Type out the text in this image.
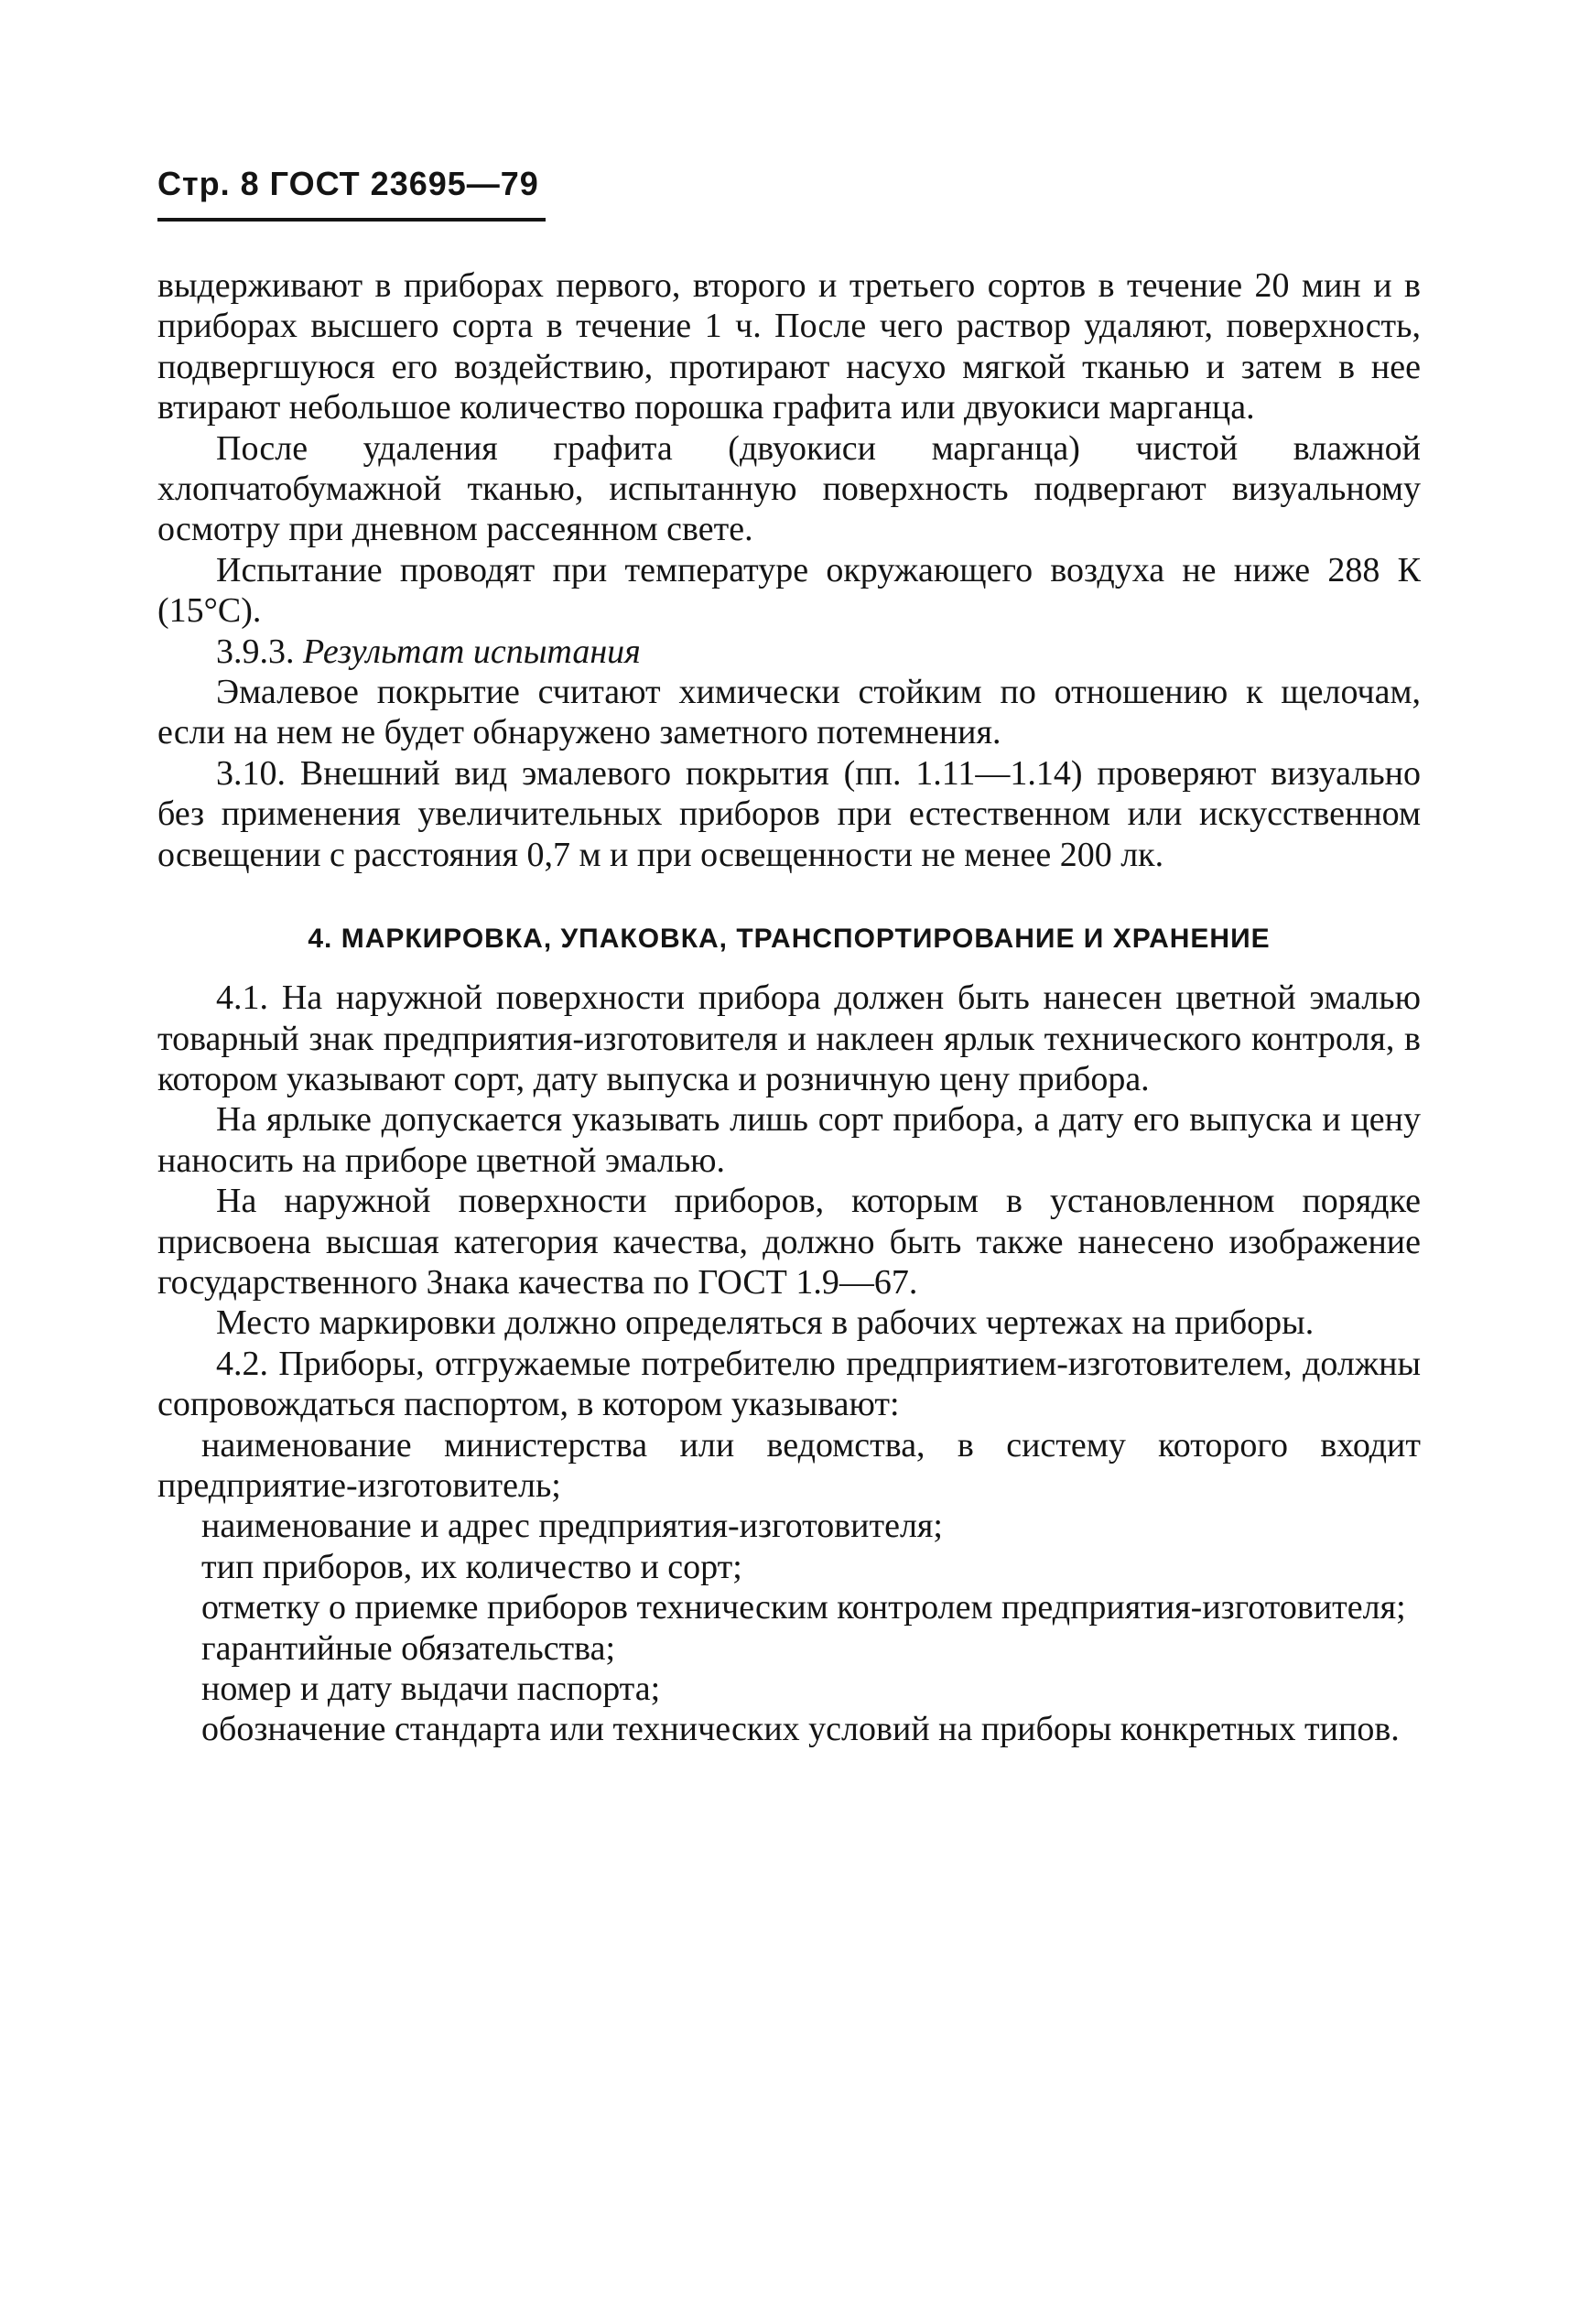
Стр. 8 ГОСТ 23695—79

выдерживают в приборах первого, второго и третьего сортов в течение 20 мин и в приборах высшего сорта в течение 1 ч. После чего раствор удаляют, поверхность, подвергшуюся его воздействию, протирают насухо мягкой тканью и затем в нее втирают небольшое количество порошка графита или двуокиси марганца.

После удаления графита (двуокиси марганца) чистой влажной хлопчатобумажной тканью, испытанную поверхность подвергают визуальному осмотру при дневном рассеянном свете.

Испытание проводят при температуре окружающего воздуха не ниже 288 К (15°С).

3.9.3. Результат испытания

Эмалевое покрытие считают химически стойким по отношению к щелочам, если на нем не будет обнаружено заметного потемнения.

3.10. Внешний вид эмалевого покрытия (пп. 1.11—1.14) проверяют визуально без применения увеличительных приборов при естественном или искусственном освещении с расстояния 0,7 м и при освещенности не менее 200 лк.

4. МАРКИРОВКА, УПАКОВКА, ТРАНСПОРТИРОВАНИЕ И ХРАНЕНИЕ

4.1. На наружной поверхности прибора должен быть нанесен цветной эмалью товарный знак предприятия-изготовителя и наклеен ярлык технического контроля, в котором указывают сорт, дату выпуска и розничную цену прибора.

На ярлыке допускается указывать лишь сорт прибора, а дату его выпуска и цену наносить на приборе цветной эмалью.

На наружной поверхности приборов, которым в установленном порядке присвоена высшая категория качества, должно быть также нанесено изображение государственного Знака качества по ГОСТ 1.9—67.

Место маркировки должно определяться в рабочих чертежах на приборы.

4.2. Приборы, отгружаемые потребителю предприятием-изготовителем, должны сопровождаться паспортом, в котором указывают:

наименование министерства или ведомства, в систему которого входит предприятие-изготовитель;

наименование и адрес предприятия-изготовителя;

тип приборов, их количество и сорт;

отметку о приемке приборов техническим контролем предприятия-изготовителя;

гарантийные обязательства;

номер и дату выдачи паспорта;

обозначение стандарта или технических условий на приборы конкретных типов.
